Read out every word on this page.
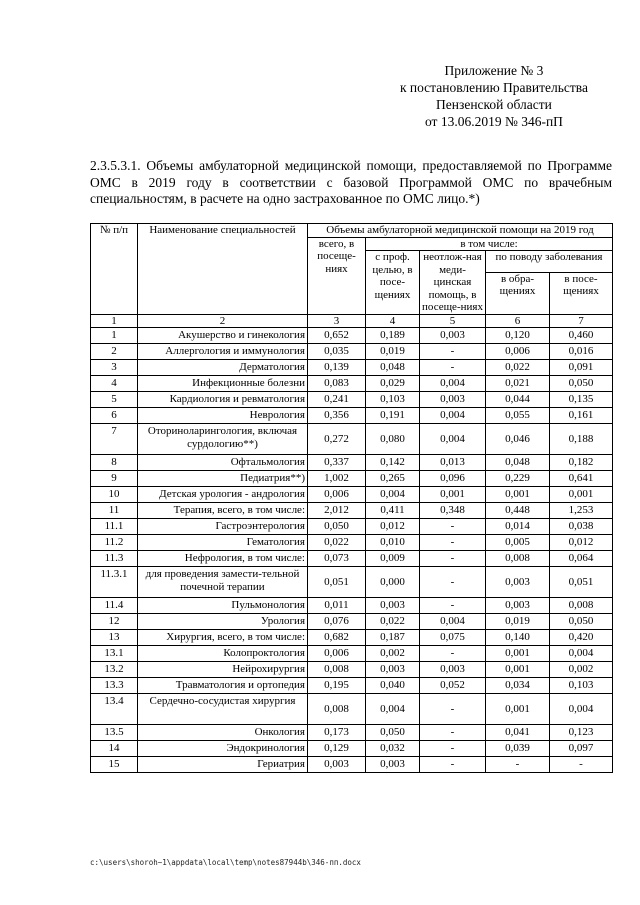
Приложение № 3
к постановлению Правительства
Пензенской области
от 13.06.2019 № 346-пП
2.3.5.3.1. Объемы амбулаторной медицинской помощи, предоставляемой по Программе ОМС в 2019 году в соответствии с базовой Программой ОМС по врачебным специальностям, в расчете на одно застрахованное по ОМС лицо.*)
№ п/п	Наименование специальностей	Объемы амбулаторной медицинской помощи на 2019 год				
		всего, в посеще-ниях	в том числе:			
			с проф. целью, в посе-щениях	неотлож-ная меди-цинская помощь, в посеще-ниях	по поводу заболевания	
					в обра-щениях	в посе-щениях
1	2	3	4	5	6	7
1	Акушерство и гинекология	0,652	0,189	0,003	0,120	0,460
2	Аллергология и иммунология	0,035	0,019	-	0,006	0,016
3	Дерматология	0,139	0,048	-	0,022	0,091
4	Инфекционные болезни	0,083	0,029	0,004	0,021	0,050
5	Кардиология и ревматология	0,241	0,103	0,003	0,044	0,135
6	Неврология	0,356	0,191	0,004	0,055	0,161
7	Оториноларингология, включая сурдологию**)	0,272	0,080	0,004	0,046	0,188
8	Офтальмология	0,337	0,142	0,013	0,048	0,182
9	Педиатрия**)	1,002	0,265	0,096	0,229	0,641
10	Детская урология - андрология	0,006	0,004	0,001	0,001	0,001
11	Терапия, всего, в том числе:	2,012	0,411	0,348	0,448	1,253
11.1	Гастроэнтерология	0,050	0,012	-	0,014	0,038
11.2	Гематология	0,022	0,010	-	0,005	0,012
11.3	Нефрология, в том числе:	0,073	0,009	-	0,008	0,064
11.3.1	для проведения замести-тельной почечной терапии	0,051	0,000	-	0,003	0,051
11.4	Пульмонология	0,011	0,003	-	0,003	0,008
12	Урология	0,076	0,022	0,004	0,019	0,050
13	Хирургия, всего, в том числе:	0,682	0,187	0,075	0,140	0,420
13.1	Колопроктология	0,006	0,002	-	0,001	0,004
13.2	Нейрохирургия	0,008	0,003	0,003	0,001	0,002
13.3	Травматология и ортопедия	0,195	0,040	0,052	0,034	0,103
13.4	Сердечно-сосудистая хирургия	0,008	0,004	-	0,001	0,004
13.5	Онкология	0,173	0,050	-	0,041	0,123
14	Эндокринология	0,129	0,032	-	0,039	0,097
15	Гериатрия	0,003	0,003	-	-	-
c:\users\shoroh~1\appdata\local\temp\notes87944b\346-пп.docx
